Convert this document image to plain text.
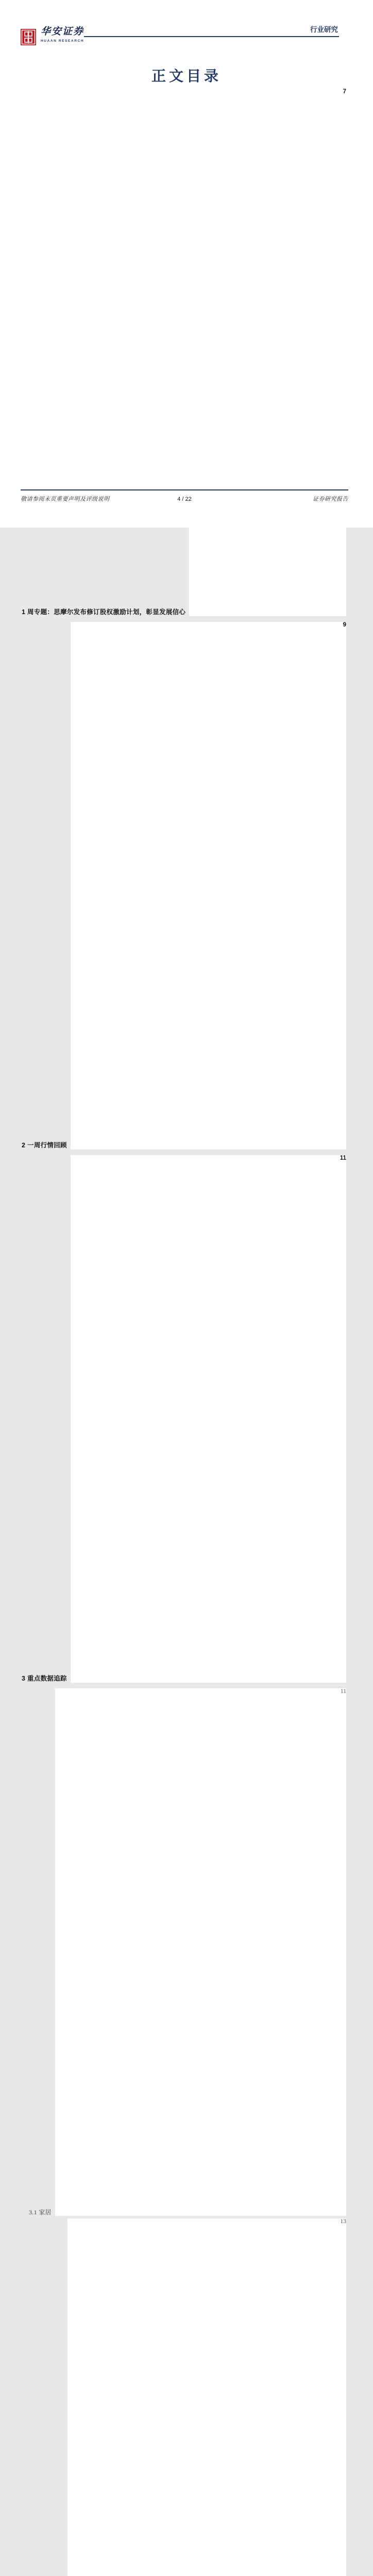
华安证券
HUAAN RESEARCH
行业研究
正文目录
1 周专题：思摩尔发布修订股权激励计划，彰显发展信心
7
2 一周行情回顾
9
3 重点数据追踪
11
3.1 家居
11
13
敬请参阅末页重要声明及评级说明	4 / 22	证券研究报告
